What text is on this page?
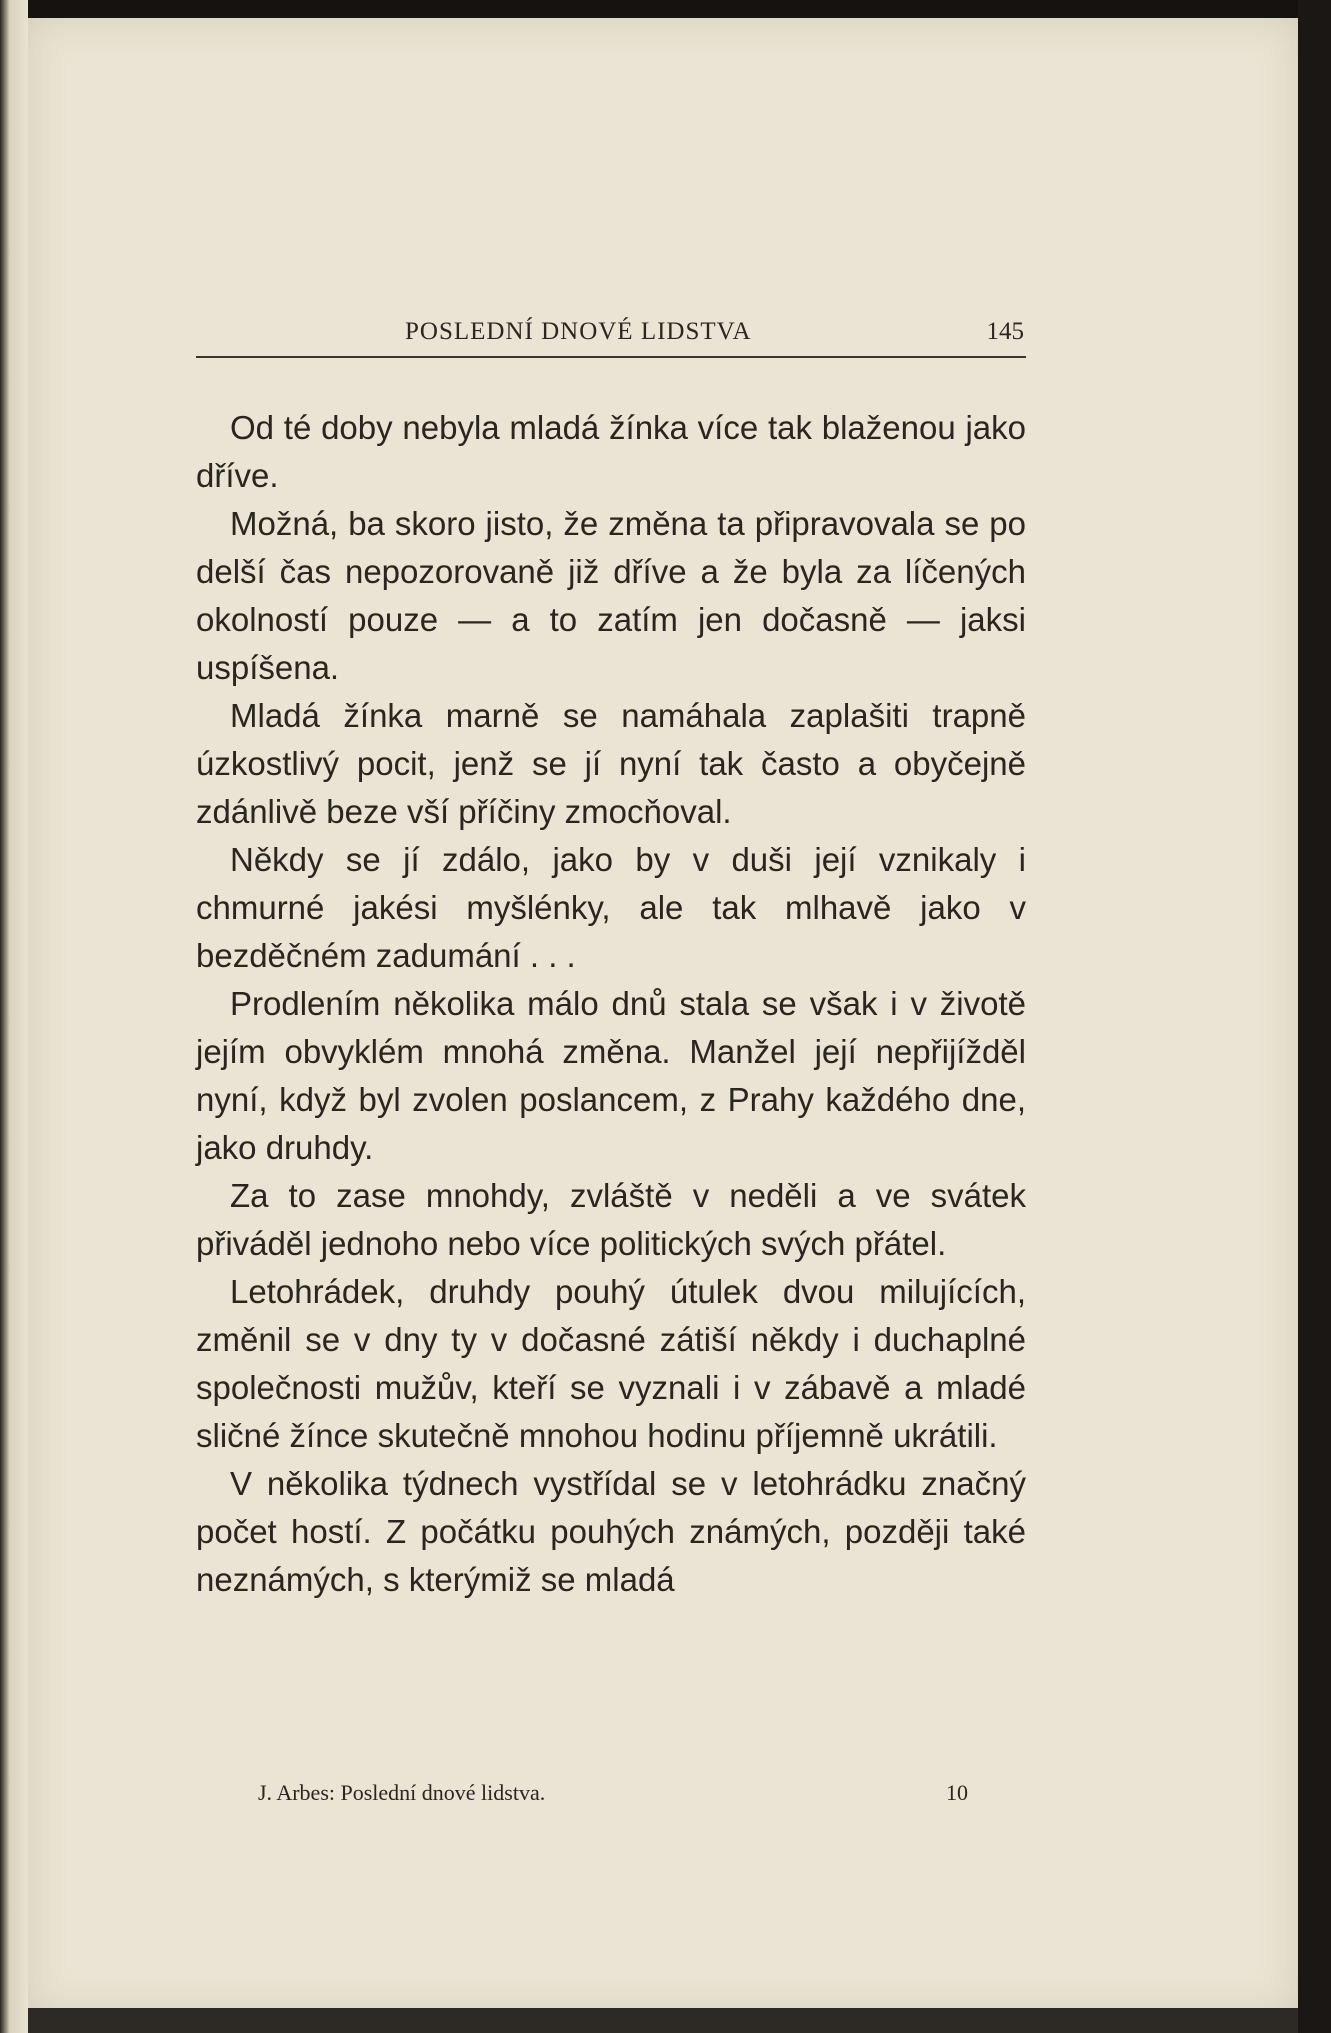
POSLEDNÍ DNOVÉ LIDSTVA	145

Od té doby nebyla mladá žínka více tak blaženou jako dříve.

Možná, ba skoro jisto, že změna ta připravovala se po delší čas nepozorovaně již dříve a že byla za líčených okolností pouze — a to zatím jen dočasně — jaksi uspíšena.

Mladá žínka marně se namáhala zaplašiti trapně úzkostlivý pocit, jenž se jí nyní tak často a obyčejně zdánlivě beze vší příčiny zmocňoval.

Někdy se jí zdálo, jako by v duši její vznikaly i chmurné jakési myšlénky, ale tak mlhavě jako v bezděčném zadumání . . .

Prodlením několika málo dnů stala se však i v životě jejím obvyklém mnohá změna. Manžel její nepřijížděl nyní, když byl zvolen poslancem, z Prahy každého dne, jako druhdy.

Za to zase mnohdy, zvláště v neděli a ve svátek přiváděl jednoho nebo více politických svých přátel.

Letohrádek, druhdy pouhý útulek dvou milujících, změnil se v dny ty v dočasné zátiší někdy i duchaplné společnosti mužův, kteří se vyznali i v zábavě a mladé sličné žínce skutečně mnohou hodinu příjemně ukrátili.

V několika týdnech vystřídal se v letohrádku značný počet hostí. Z počátku pouhých známých, později také neznámých, s kterýmiž se mladá

J. Arbes: Poslední dnové lidstva.	10
